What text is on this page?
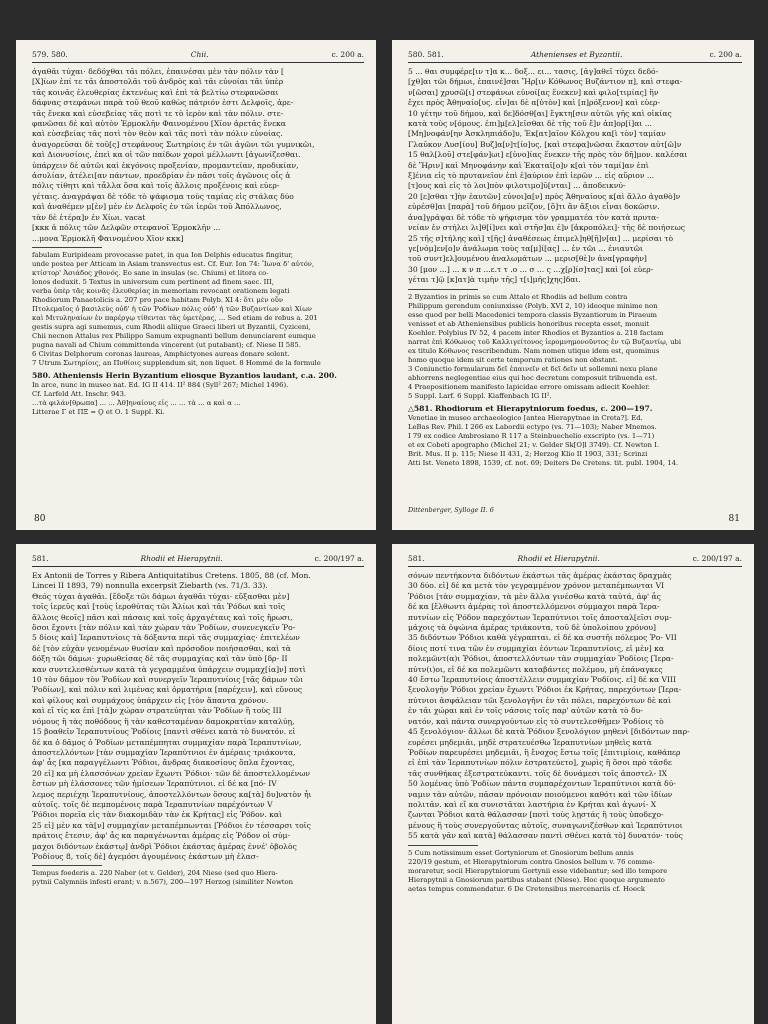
579. 580.	Chii.	c. 200 a.
ἀγαθᾶι τύχαι· δεδόχθαι τᾶι πόλει, ἐπαινέσαι μὲν τὰν πόλιν τὰν [
[Χ]ίων ἐπί τε τᾶι ἀποστολᾶι τοῦ ἀνδρὸς καὶ τᾶι εὐνοίαι τᾶι ὑπὲρ
τᾶς κοινᾶς ἐλευθερίας ἐκτενέως καὶ ἐπὶ τὰ βελτίω στεφανῶσαι
δάφνας στεφάνωι παρὰ τοῦ θεοῦ καθὼς πάτριόν ἐστι Δελφοῖς, ἀρε-
τᾶς ἕνεκα καὶ εὐσεβείας τᾶς ποτὶ τε τὸ ἱερὸν καὶ τὰν πόλιν. στε-
φανῶσαι δὲ καὶ αὐτὸν Ἑρμοκλῆν Φαινομένου [Χῖον ἀρετᾶς ἕνεκα
καὶ εὐσεβείας τᾶς ποτὶ τὸν θεὸν καὶ τᾶς ποτὶ τὰν πόλιν εὐνοίας.
ἀναγορεῦσαι δὲ τοῦ[ς] στεφάνους Σωτηρίοις ἐν τῶι ἀγῶνι τῶι γυμνικῶι,
καὶ Διονυσίοις, ἐπεὶ κα οἱ τῶν παίδων χοροὶ μέλλωντι [ἀγωνίζεσθαι.
ὑπάρχειν δὲ αὐτῶι καὶ ἐκγόνοις προξενίαν, προμαντείαν, προδικίαν,
ἀσυλίαν, ἀτέλει[αν πάντων, προεδρίαν ἐν πᾶσι τοῖς ἀγῶνοις οἷς ἁ
πόλις τίθητι καὶ τἆλλα ὅσα καὶ τοῖς ἄλλοις προξένοις καὶ εὐερ-
γέταις. ἀναγράψαι δὲ τόδε τὸ ψάφισμα τοὺς ταμίας εἰς στάλας δύο
καὶ ἀναθέμεν μ[ὲν] μὲν ἐν Δελφοῖς ἐν τῶι ἱερῶι τοῦ Ἀπόλλωνος,
τὰν δὲ ἑτέρα]ν ἐν Χίωι. vacat
[κκκ ἁ πόλις τῶν Δελφῶν στεφανοῖ Ἑρμοκλῆν ...
...μονα Ἑρμοκλῆ Φαινομένου Χῖον κκκ]
fabulam Euripideam provocasse patet, in qua Ion Delphis educatus fingitur,
unde postea per Atticam in Asiam transvectus est. Cf. Eur. Ion 74: Ἴωνα δ' αὐτόν,
κτίστορ' Ἀσιάδος χθονός. Eo sane in insulas (sc. Chium) et litora co-
lonos deduxit. 5 Textus in universum cum pertinent ad finem saec. III,
verba ὑπὲρ τᾶς κοινᾶς ἐλευθερίας in memoriam revocant orationem legati
Rhodiorum Panaetolicis a. 207 pro pace habitam Polyb. XI 4: ὅτι μὲν οὖν
Πτολεμαῖος ὁ βασιλεὺς οὐδ' ἡ τῶν Ῥοδίων πόλις οὐδ' ἡ τῶν Βυζαντίων καὶ Χίων
καὶ Μιτυληναίων ἐν παρέργῳ τίθενται τὰς ὑμετέρας, ... Sed etiam de rebus a. 201
gestis supra agi sumemus, cum Rhodii aliique Graeci liberi ut Byzantii, Cyziceni,
Chii necnon Attalus rex Philippo Samum expugnanti bellum denunciarent eumque
pugna navali ad Chium committenda vincerent (ut putabant); cf. Niese II 585.
6 Civitas Delphorum coronas laureas, Amphictyones aureas donare solent.
7 Utrum Σωτηρίοις, an Πυθίοις supplendum sit, non liquet. 8 Hommé de la formule
580. Atheniensis Herin Byzantium eliosque Byzantios laudant, c.a. 200.
In arce, nunc in museo nat. Ed. IG II 414. II² 884 (Syll² 267; Michel 1496).
Cf. Larfeld Att. Inschr. 943.
...τὰ φιλάν[θρωπα] ... ... Ἀθ]ηναίους εἰς ... ... τὰ ... α καὶ α ...
Litterae Γ et ΠΞ = Ϙ et Ο. 1 Suppl. Ki.
80
580. 581.	Athenienses et Byzantii.	c. 200 a.
5 ... θαι συμφέρε[ιν τ]α κ... δοξ... ει... τασις, [ἀγ]αθεῖ τύχει δεδό-
[χθ]αι τῶι δήμωι, ἐπαινέ]σαι Ἥρ[ιν Κόθωνος Βυζάντιον π], καὶ στεφα-
ν[ῶσαι] χρυσῶ[ι] στεφάνωι εὐνοί[ας ἕνεκεν] καὶ φιλο[τιμίας] ἣν
ἔχει πρὸς Ἀθηναίο[υς. εἶν]αι δὲ α[ὐτὸν] καὶ [π]ρόξενον] καὶ εὐερ-
10 γέτην τοῦ δήμου, καὶ δε]δόσθ[αι] ἔγκτη[σιν αὐτῶι γῆς καὶ οἰκίας
κατὰ τοὺς ν[όμους. ἐπι]μ[ελ]εῖσθαι δὲ τῆς τοῦ ἔ]ν ἀπ]ορ[ί]αι ...
[Μη]νοφάν[ην Ἀσκληπιάδο]υ, Ἐκ[ατ]αῖον Κόλχου κα[ὶ τὸν] ταμίαν
Γλαῦκον Λυσ[ίου] Βυζ]α[ν]τ[ίο]υς, [καὶ στεφα]νῶσαι ἕκαστον αὐτ[ῶ]ν
15 θαλ[λοῦ] στε[φάν]ωι] ε[ὐνο]ίας ἕνεκεν τῆς πρὸς τὸν δῆ]μον. καλέσαι
δὲ Ἥριν] καὶ Μηνοφάνην καὶ Ἑκαταῖ[ο]ν κ[αὶ τὸν ταμί]αν ἐπὶ
ξ]ένια εἰς τὸ πρυτανεῖον ἐπὶ ἐ]αύριον ἐπὶ ἱερῶν ... εἰς αὔριον ...
[τ]ους καὶ εἰς τὸ λοι]πὸν φιλοτιμο]ῦ[νται] ... ἀποδεικνύ-
20 [ε]σθαι τ]ὴν ἑαυτῶν] εὐνοι]α[ν] πρὸς Ἀθηναίους κ[αὶ ἄλλο ἀγαθὸ]ν
εὑρέσθ]αι [παρὰ] τοῦ δήμου μεῖζον, [ὅ]τι ἂν ἄξιοι εἶναι δοκῶσιν.
ἀνα]γράψαι δὲ τόδε τὸ ψήφισμα τὸν γραμματέα τὸν κατὰ πρυτα-
νείαν ἐν στήλει λι]θ[ί]νει καὶ στῆσ]αι ἐ]ν [ἀκροπόλει]· τῆς δὲ ποιήσεως
25 τῆς σ]τήλης καὶ] τ[ῆς] ἀναθέσεως ἐπιμελ]ηθ[ῆ]ν[αι] ... μερίσαι τὸ
γε[νόμ]εν[ο]ν ἀνάλωμα τοὺς τα[μ]ί[ας] ... ἐν τῶι ... ἐνιαυτῶι
τοῦ συντ]ελ]ουμένου ἀναλωμάτων ... μερισ[θὲ]ν ἀνα[γραφὴν]
30 [μον ...] ... κ ν π ...ε.τ τ .ο ... σ ... ς ...χ[ρ]ίσ]τας] καὶ [οἱ εὐερ-
γέται τ]ῷ [κ]ατ]ὰ τιμὴν τῆς] τ[ι]μής]χης]δαι.
2 Byzantios in primis se cum Attalo et Rhodiis ad bellum contra
Philippum gerendum coniunxisse (Polyb. XVI 2, 10) ideoque minime non
esse quod per belli Macedonici tempora classis Byzantiorum in Piraeum
venisset et ab Atheniensibus publicis honoribus recepta esset, monuit
Koehler. Polybius IV 52, 4 pacem inter Rhodios et Byzantios a. 218 factam
narrat ἐπὶ Κόθωνος τοῦ Καλλιγείτονος ἱερομνημονοῦντος ἐν τῷ Βυζαντίῳ, ubi
ex titulo Κόθωνος rescribendum. Nam nomen utique idem est, quominus
homo quoque idem sit certe temporum rationes non obstant.
3 Coniunctio formularum δεῖ ἐπαινεῖν et δεῖ δεῖν ut sollemni nexu plane
abhorrens neglegentiae eius qui hoc decretum composuit tribuenda est.
4 Praepositionem manifesto lapicidae errore omissam adiecit Koehler.
5 Suppl. Larf. 6 Suppl. Kiaffenbach IG II².
△581. Rhodiorum et Hierapytniorum foedus, c. 200—197.
Venetiae in museo archaeologico [antea Hierapytnae in Creta?]. Ed.
LeBas Rev. Phil. I 266 ex Labordii ectypo (vs. 71—103); Naber Mnemos.
I 79 ex codice Ambrosiano R 117 a Steinbuechelio exscripto (vs. 1—71)
et ex Cobeti apographo (Michel 21; v. Gelder Sk[O]l 3749). Cf. Newton I.
Brit. Mus. II p. 115; Niese II 431, 2; Herzog Klio II 1903, 331; Scrinzi
Atti Ist. Veneto 1898, 1539, cf. not. 69; Deiters De Cretens. tit. publ. 1904, 14.
Dittenberger, Sylloge II. 6
81
581.	Rhodii et Hierapytnii.	c. 200/197 a.
Ex Antonii de Torres y Ribera Antiquitatibus Cretens. 1805, 88 (cf. Mon.
Lincei II 1893, 79) nonnulla excerpsit Ziebarth (vs. 71/3. 33).
Θεός τύχαι ἀγαθᾶι. [ἔδοξε τῶι δάμωι ἀγαθᾶι τύχαι· εὔξασθαι μὲν]
τοῖς ἱερεῦς καὶ [τοὺς ἱεροθύτας τῶι Ἁλίωι καὶ τᾶι Ῥόδωι καὶ τοῖς
ἄλλοις θεοῖς] πᾶσι καὶ πάσαις καὶ τοῖς ἀρχαγέταις καὶ τοῖς ἥρωσι,
ὅσοι ἔχοντι [τὰν πόλιν καὶ τὰν χώραν τὰν Ῥοδίων, συνενεγκεῖν Ῥο-
5 δίοις καὶ] Ἱεραπυτνίοις τὰ δόξαντα περὶ τᾶς συμμαχίας· ἐπιτελέων
δὲ [τὸν εὐχὰν γενομένων θυσίαν καὶ πρόσοδον ποιήσασθαι, καὶ τὰ
δόξη τῶι δάμωι· χυρωθείσας δὲ τᾶς συμμαχίας καὶ τὰν ὑπὸ [δρ- II
καν συντελεσθέντων κατὰ τὰ γεγραμμένα ὑπάρχειν συμμαχ[ία]ν] ποτὶ
10 τὸν δᾶμον τὸν Ῥοδίων καὶ συνεργεῖν Ἱεραπυτνίοις [τᾶς δάμων τῶι
Ῥοδίων], καὶ πόλιν καὶ λιμένας καὶ ὁρματήρια [παρέχειν], καὶ εὔνους
καὶ φίλους καὶ συμμάχους ὑπάρχειν εἰς [τὸν ἅπαντα χρόνον.
καὶ εἴ τίς κα ἐπὶ [τὰ]ν χώραν στρατεύηται τὰν Ῥοδίων ἢ τοὺς III
νόμους ἢ τὰς ποθόδους ἢ τὰν καθεσταμέναν δαμοκρατίαν καταλύῃ,
15 βοαθεῖν Ἱεραπυτνίους Ῥοδίοις [παντὶ σθένει κατὰ τὸ δυνατόν. εἰ
δέ κα ὁ δᾶμος ὁ Ῥοδίων μεταπέμπηται συμμαχίαν παρὰ Ἱεραπυτνίων,
ἀποστελλόντων [τὰν συμμαχίαν Ἱεραπύτνιοι ἐν ἁμέραις τριάκοντα,
ἀφ' ἇς [κα παραγγέλωντι Ῥόδιοι, ἄνδρας διακοσίους ὅπλα ἔχοντας,
20 εἰ] κα μὴ ἐλασσόνων χρείαν ἔχωντι Ῥόδιοι· τῶν δὲ ἀποστελλομένων
ἔστων μὴ ἐλάσσονες τῶν ἡμίσεων Ἱεραπύτνιοι. εἰ δέ κα [πό- IV
λεμος περιέχηι Ἱεραπυτνίους, ἀποστελλόντων ὅσους κα[τὰ] δυ]νατὸν ἦι
αὐτοῖς. τοῖς δὲ πεμπομένοις παρὰ Ἱεραπυτνίων παρέχόντων V
Ῥόδιοι πορεῖα εἰς τὰν διακομιδὰν τὰν ἐκ Κρήτας] εἰς Ῥόδον. καὶ
25 εἰ] μὲν κα τὰ[ν] συμμαχίαν μεταπέμπωνται [Ῥόδιοι ἐν τέσσαρσι τοῖς
πράτοις ἔτεσιν, ἀφ' ἇς κα παραγένωνται ἁμέρας εἰς Ῥόδον οἱ σύμ-
μαχοι διδόντων ἑκάστῳ] ἀνδρὶ Ῥόδιοι ἑκάστας ἁμέρας ἐννέ' ὀβολὸς
Ῥοδίους 8, τοῖς δὲ] ἀγεμόσι ἀγουμένοις ἐκάστων μὴ ἐλασ-
Tempus foederis a. 220 Naber (et v. Gelder), 204 Niese (sed quo Hiera-
pytnii Calymniis infesti erant; v. n.567), 200—197 Herzog (similiter Newton
581.	Rhodii et Hierapytnii.	c. 200/197 a.
σόνων πεντήκοντα διδόντων ἑκάστωι τᾶς ἁμέρας ἑκάστας δραχμὰς
30 δύο. εἰ] δέ κα μετὰ τὸν γεγραμμένον χρόνον μεταπέμπωνται VI
Ῥόδιοι [τὰν συμμαχίαν, τὰ μὲν ἄλλα γινέσθω κατὰ ταὐτά, ἀφ' ἇς
δέ κα [ἔλθωντι ἁμέρας τοὶ ἀποστελλόμενοι σύμμαχοι παρὰ Ἱερα-
πυτνίων εἰς Ῥόδον παρεχόντων Ἱεραπύτνιοι τοῖς ἀποσταλ[εῖσι συμ-
μάχοις τὰ ὀψώνια ἁμέρας τριάκοντα, τοῦ δὲ ὑπολοίπου χρόνου]
35 διδόντων Ῥόδιοι καθὰ γέγραπται. εἰ δέ κα συστῆι πόλεμος Ῥο- VII
δίοις ποτί τινα τῶν ἐν συμμαχίαι ἐόντων Ἱεραπυτνίοις, εἰ μὲν] κα
πολεμῶντ(α)ι Ῥόδιοι, ἀποστελλόντων τὰν συμμαχίαν Ῥοδίοις [Ἱερα-
πύτν(ι)οι, εἰ δέ κα πολεμῶντι καταβάντες πολέμου, μὴ ἐπάναγκες
40 ἔστω Ἱεραπυτνίοις ἀποστέλλειν συμμαχίαν Ῥοδίοις. εἰ] δέ κα VIII
ξενολογῆν Ῥόδιοι χρείαν ἔχωντι Ῥόδιοι ἐκ Κρήτας, παρεχόντων [Ἱερα-
πύτνιοι ἀσφάλειαν τῶι ξενολογῆνι ἐν τᾶι πόλει, παρεχόντων δὲ καὶ
ἐν τᾶι χώραι καὶ ἐν τοῖς νάσοις τοῖς παρ' αὐτῶν κατὰ τὸ δυ-
νατόν, καὶ πάντα συνεργούντων εἰς τὸ συντελεσθῆμεν Ῥοδίοις τὸ
45 ξενολόγιον· ἄλλωι δὲ κατὰ Ῥόδιον ξενολόγιον μηθενὶ [διδόντων παρ-
ευρέσει μηδεμιᾶι, μηδὲ στρατευέσθω Ἱεραπυτνίων μηθεὶς κατὰ
Ῥοδίων παρευρέσει μηδεμιᾶι, ἢ ἔνοχος ἔστω τοῖς [ἐπιτιμίοις, καθάπερ
εἰ ἐπὶ τὰν Ἱεραπυτνίων πόλιν ἐστρατεύετο], χωρὶς ἢ ὅσοι πρὸ τᾶσδε
τᾶς συνθήκας ἐξεστρατεύκαντι. τοῖς δὲ δυνάμεσι τοῖς ἀποστελ- IX
50 λομένας ὑπὸ Ῥοδίων πάντα συμπαρέχοντων Ἱεραπύτνιοι κατὰ δύ-
ναμιν τὰν αὐτῶν, πᾶσαν πρόνοιαν ποιούμενοι καθότι καὶ τῶν ἰδίων
πολιτᾶν. καὶ εἴ κα συνιστᾶται λαστήρια ἐν Κρήται καὶ ἀγωνί- X
ζωνται Ῥόδιοι κατὰ θάλασσαν [ποτὶ τοὺς λῃστάς ἢ τοὺς ὑποδεχο-
μένους ἢ τοὺς συνεργοῦντας αὐτοῖς, συναγωνιζέσθων καὶ Ἱεραπύτνιοι
55 κατὰ γᾶν καὶ κατὰ] θάλασσαν παντὶ σθένει κατὰ τὸ] δυνατόν· τοὺς
5 Cum notissimum esset Gortyniorum et Gnosiorum bellum annis
220/19 gestum, et Hierapytniorum contra Gnosios bellum v. 76 comme-
moraretur, socii Hierapytniorum Gortynii esse videbantur; sed illo tempore
Hierapytnii a Gnosiorum partibus stabant (Niese). Hoc quoque argumento
aetas tempus commendatur. 6 De Cretensibus mercenariis cf. Hoeck
